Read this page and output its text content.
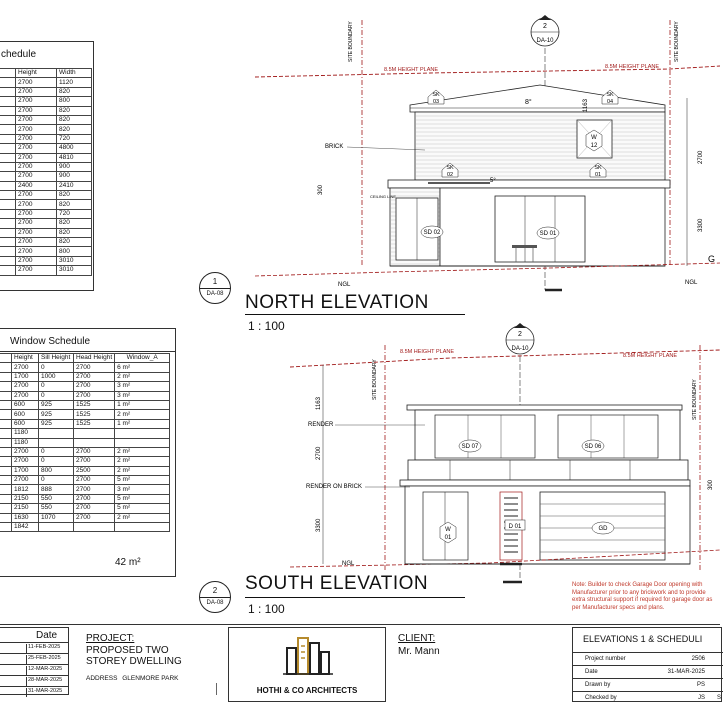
chedule
	Height	Width
	2700	1120
	2700	820
	2700	800
	2700	820
	2700	820
	2700	820
	2700	720
	2700	4800
	2700	4810
	2700	900
	2700	900
	2400	2410
	2700	820
	2700	820
	2700	720
	2700	820
	2700	820
	2700	820
	2700	800
	2700	3010
	2700	3010
Window Schedule
	Height	Sill Height	Head Height	Window_A
	2700	0	2700	6 m²
	1700	1000	2700	2 m²
	2700	0	2700	3 m²
	2700	0	2700	3 m²
	600	925	1525	1 m²
	600	925	1525	2 m²
	600	925	1525	1 m²
	1180			
	1180			
	2700	0	2700	2 m²
	2700	0	2700	2 m²
	1700	800	2500	2 m²
	2700	0	2700	5 m²
	1812	888	2700	3 m²
	2150	550	2700	5 m²
	2150	550	2700	5 m²
	1630	1070	2700	2 m²
	1842			
42 m²
SITE BOUNDARY	SITE BOUNDARY
8.5M HEIGHT PLANE	8.5M HEIGHT PLANE
2
DA-10
SK
03
SK
04
W
12
8°
SK
02
SK
01
5°
SD 02	SD 01
NGL	NGL
BRICK
CEILING LINE
2700
3300
300
1163
G
1
DA-08	NORTH ELEVATION
1 : 100
SITE BOUNDARY	SITE BOUNDARY
8.5M HEIGHT PLANE
8.5M HEIGHT PLANE
2
DA-10
SD 07	SD 06
W
01
D 01	GD
NGL
RENDER
RENDER ON BRICK
1163
2700
3300
300
Note: Builder to check Garage Door opening with Manufacturer prior to any brickwork and to provide extra structural support if required for garage door as per Manufacturer specs and plans.
2
DA-08
SOUTH ELEVATION
1 : 100
Date
11-FEB-2025
25-FEB-2025
12-MAR-2025
28-MAR-2025
31-MAR-2025
PROJECT:
PROPOSED TWO
STOREY DWELLING
ADDRESS GLENMORE PARK
HOTHI & CO ARCHITECTS
CLIENT:
Mr. Mann
ELEVATIONS 1 & SCHEDULI
Project number	2506
Date	31-MAR-2025
Drawn by	PS
Checked by	JS S
